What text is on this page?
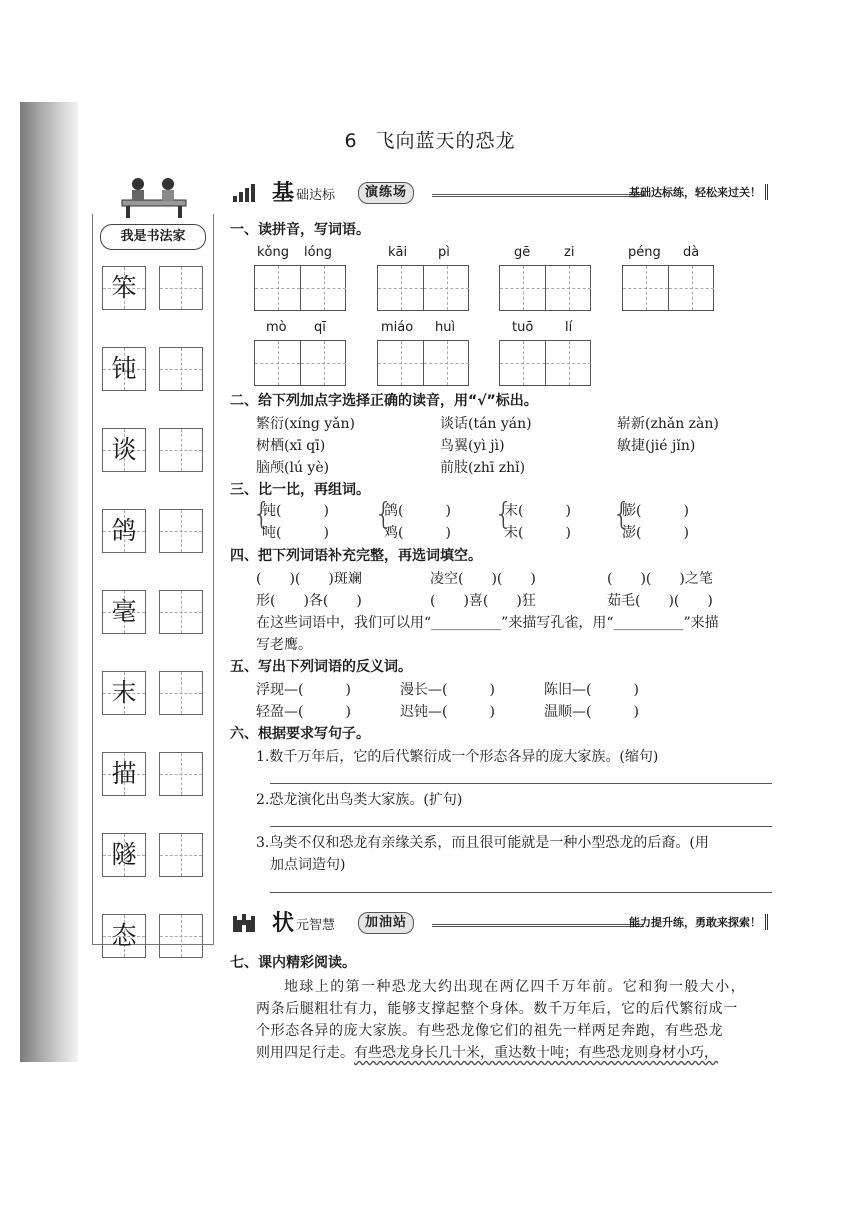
6 飞向蓝天的恐龙
我是书法家
笨
钝
谈
鸽
毫
末
描
隧
态
基 础达标	演练场	基础达标练，轻松来过关！
一、读拼音，写词语。
kǒng lóng	kāi pì	gē	zi	péng dà
mò qī	miáo huì	tuō lí
二、给下列加点字选择正确的读音，用“√”标出。
繁衍(xíng yǎn)	谈话(tán yán)	崭新(zhǎn zàn)
树栖(xī qī)	鸟翼(yì jì)	敏捷(jié jǐn)
脑颅(lú yè)	前肢(zhī zhǐ)
三、比一比，再组词。
{
钝(　　　)
吨(　　　)
{
鸽(　　　)
鸡(　　　)
{
末(　　　)
未(　　　)
{
膨(　　　)
澎(　　　)
四、把下列词语补充完整，再选词填空。
(　　)(　　)斑斓	凌空(　　)(　　)	(　　)(　　)之笔
形(　　)各(　　)	(　　)喜(　　)狂	茹毛(　　)(　　)
在这些词语中，我们可以用“__________”来描写孔雀，用“__________”来描
写老鹰。
五、写出下列词语的反义词。
浮现—(　　　)	漫长—(　　　)	陈旧—(　　　)
轻盈—(　　　)	迟钝—(　　　)	温顺—(　　　)
六、根据要求写句子。
1.数千万年后，它的后代繁衍成一个形态各异的庞大家族。(缩句)
2.恐龙演化出鸟类大家族。(扩句)
3.鸟类不仅和恐龙有亲缘关系，而且很可能就是一种小型恐龙的后裔。(用
加点词造句)
状 元智慧	加油站	能力提升练，勇敢来探索！
七、课内精彩阅读。
地球上的第一种恐龙大约出现在两亿四千万年前。它和狗一般大小，
两条后腿粗壮有力，能够支撑起整个身体。数千万年后，它的后代繁衍成一
个形态各异的庞大家族。有些恐龙像它们的祖先一样两足奔跑，有些恐龙
则用四足行走。有些恐龙身长几十米，重达数十吨；有些恐龙则身材小巧，
